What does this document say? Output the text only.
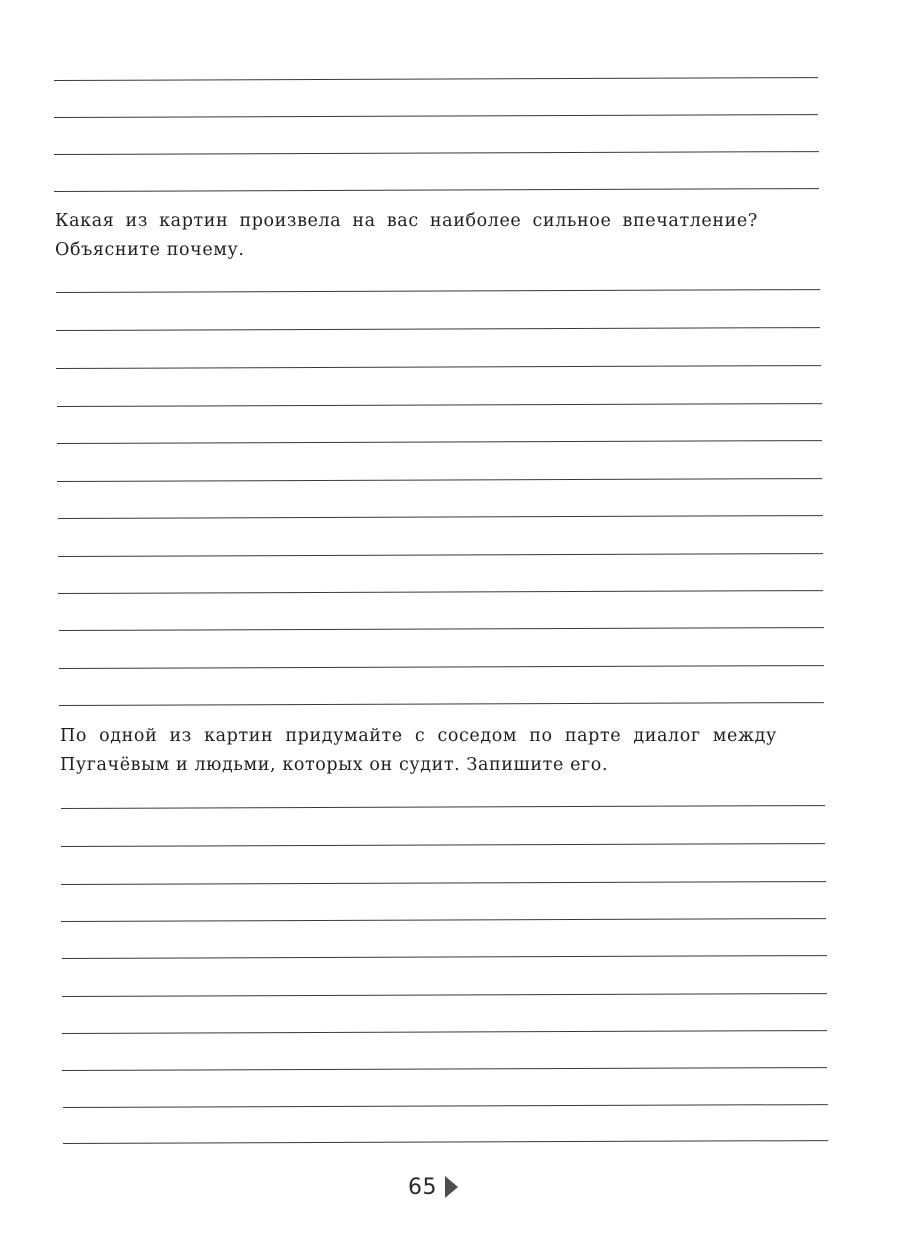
Какая из картин произвела на вас наиболее сильное впечатление?
Объясните почему.

По одной из картин придумайте с соседом по парте диалог между
Пугачёвым и людьми, которых он судит. Запишите его.

65
